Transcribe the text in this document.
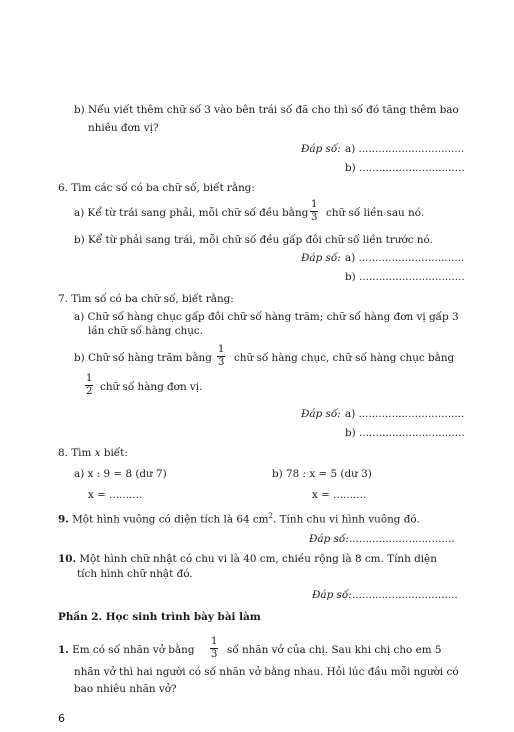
b) Nếu viết thêm chữ số 3 vào bên trái số đã cho thì số đó tăng thêm bao
nhiêu đơn vị?
Đáp số: a) ................................
b) ................................
6. Tìm các số có ba chữ số, biết rằng:
a) Kể từ trái sang phải, mỗi chữ số đều bằng
1
3 chữ số liền sau nó.
b) Kể từ phải sang trái, mỗi chữ số đều gấp đôi chữ số liền trước nó.
Đáp số: a) ................................
b) ................................
7. Tìm số có ba chữ số, biết rằng:
a) Chữ số hàng chục gấp đôi chữ số hàng trăm; chữ số hàng đơn vị gấp 3
lần chữ số hàng chục.
b) Chữ số hàng trăm bằng
1
3 chữ số hàng chục, chữ số hàng chục bằng
1
2 chữ số hàng đơn vị.
Đáp số: a) ................................
b) ................................
8. Tìm x biết:
a) x : 9 = 8 (dư 7)	b) 78 : x = 5 (dư 3)
x = ..........	x = ..........
9. Một hình vuông có diện tích là 64 $cm^2$. Tính chu vi hình vuông đó.
Đáp số: ................................
10. Một hình chữ nhật có chu vi là 40 cm, chiều rộng là 8 cm. Tính diện
tích hình chữ nhật đó.
Đáp số: ................................
Phần 2. Học sinh trình bày bài làm
1. Em có số nhãn vở bằng
1
3 số nhãn vở của chị. Sau khi chị cho em 5
nhãn vở thì hai người có số nhãn vở bằng nhau. Hỏi lúc đầu mỗi người có
bao nhiêu nhãn vở?
6
